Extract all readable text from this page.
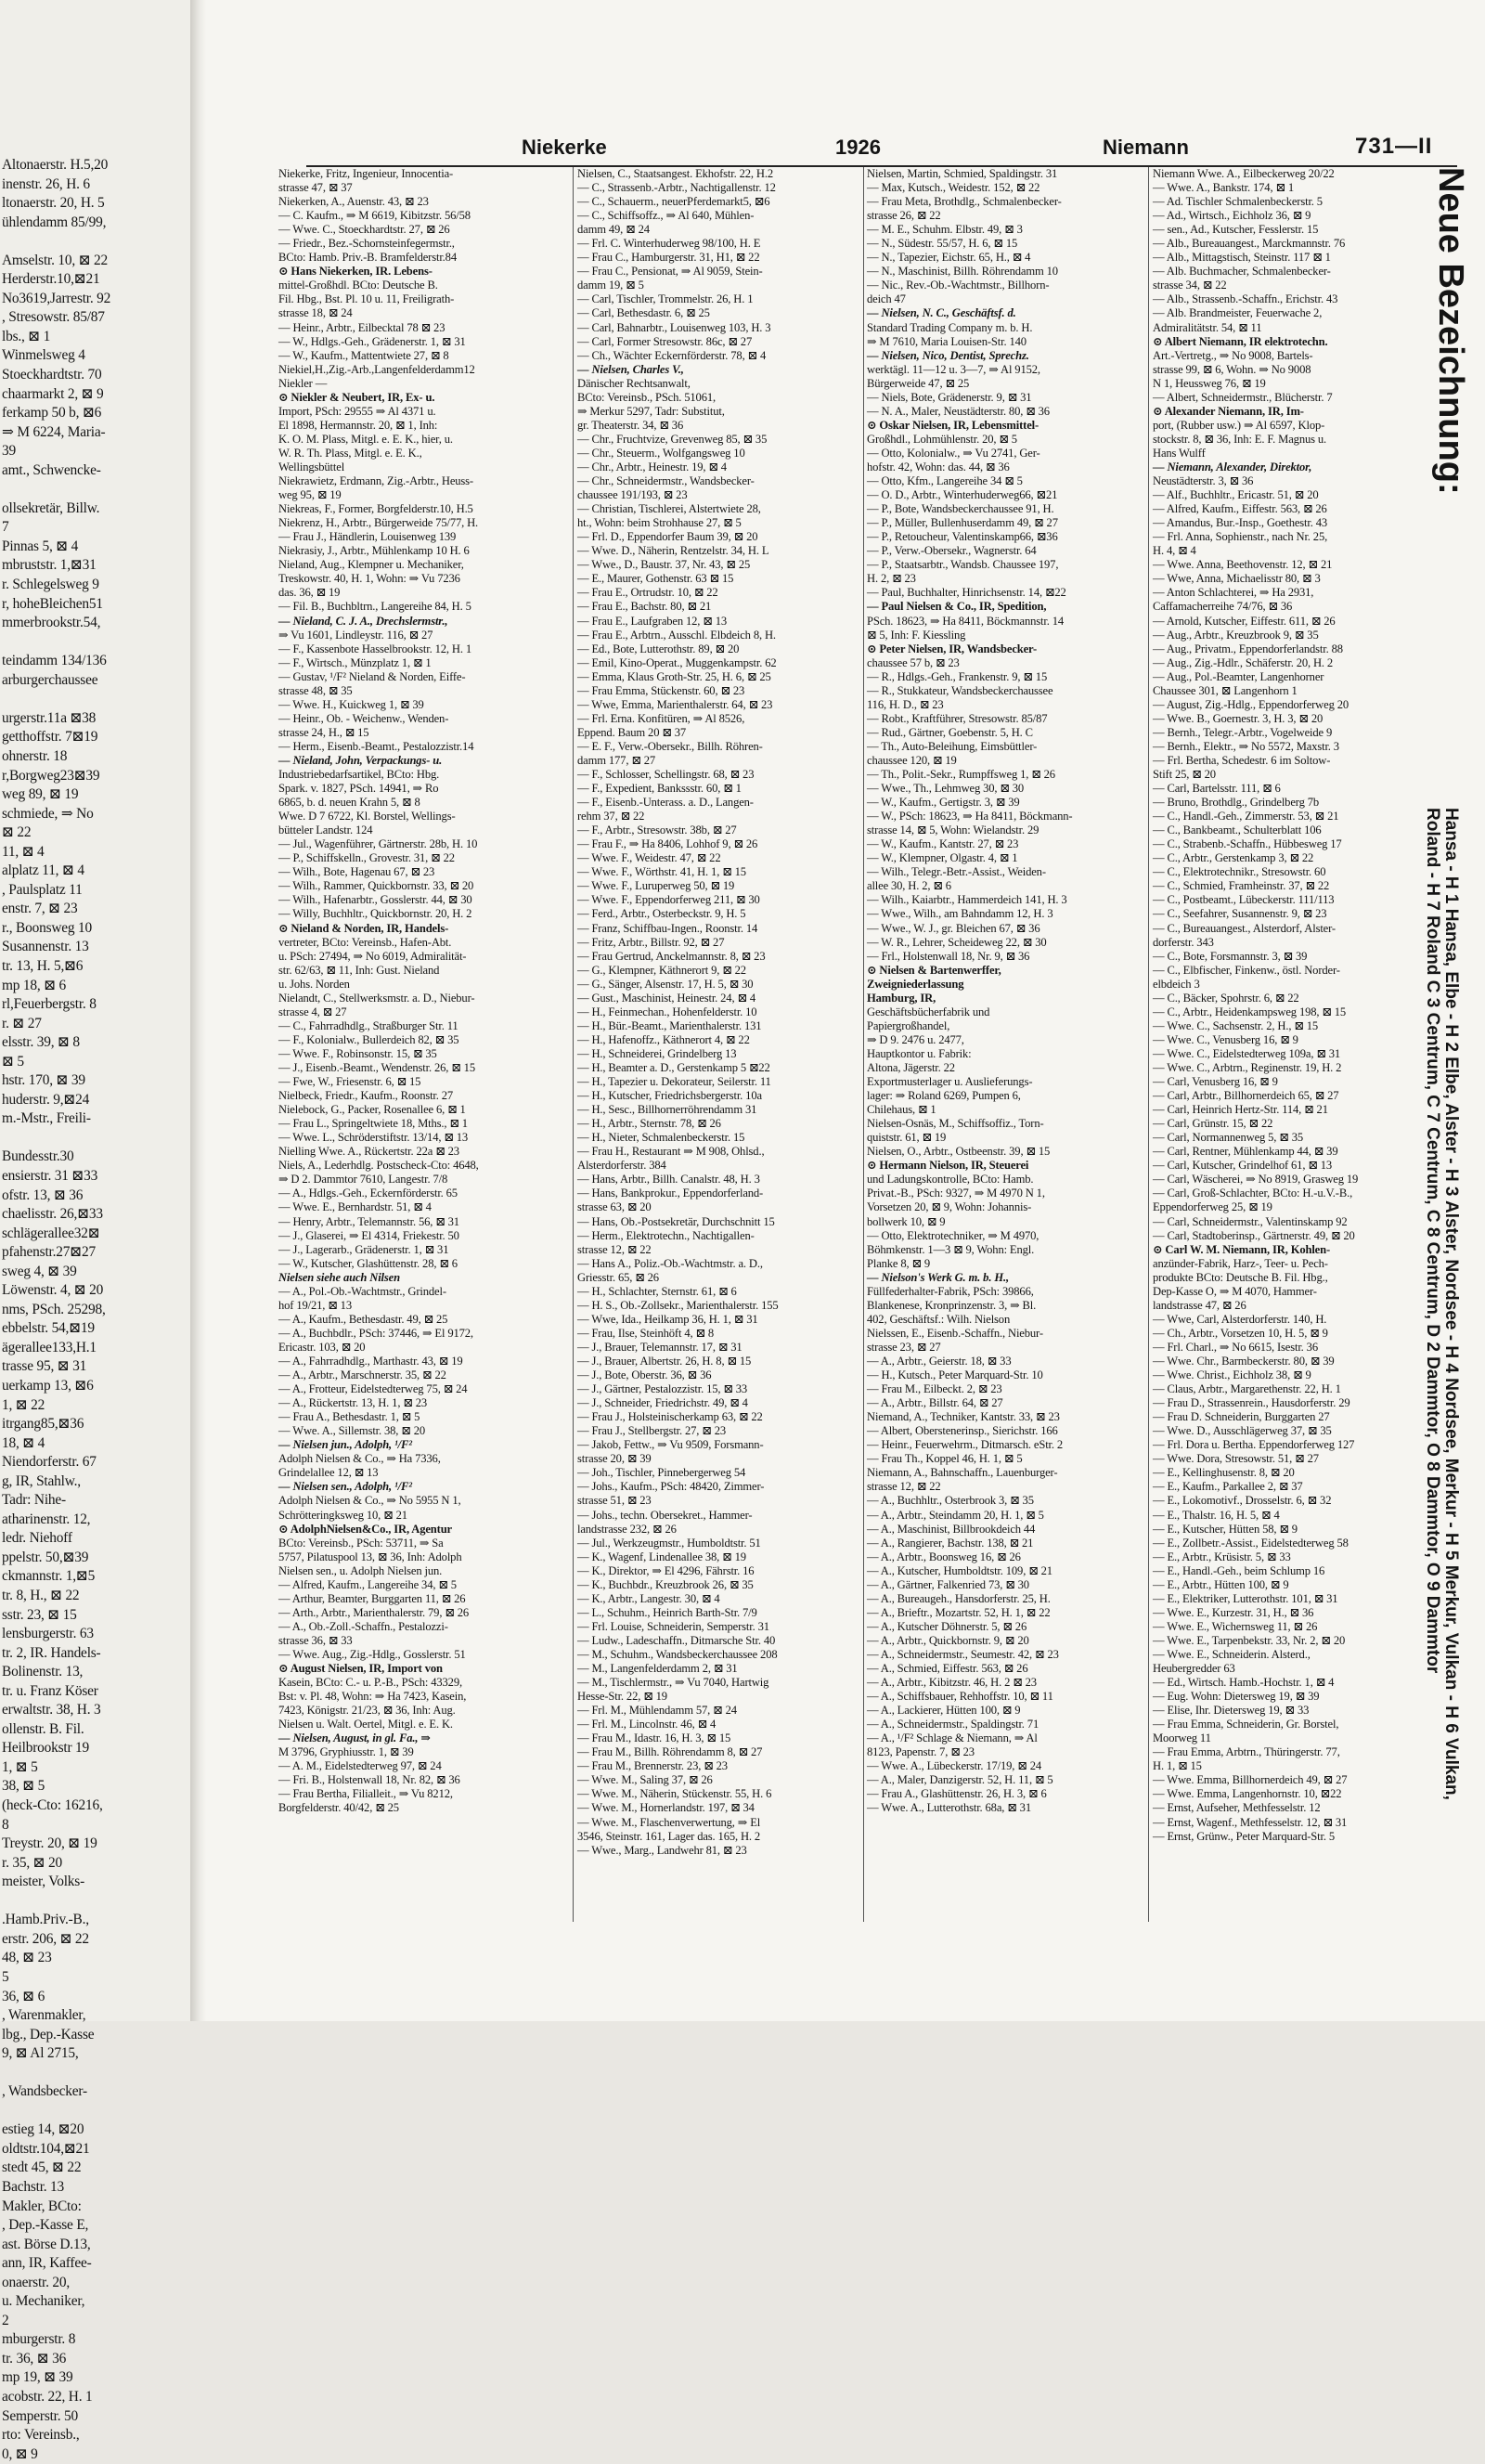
Altonaerstr. H.5,20
inenstr. 26, H. 6
ltonaerstr. 20, H. 5
ühlendamm 85/99,

Amselstr. 10, ⊠ 22
Herderstr.10,⊠21
No3619,Jarrestr. 92
, Stresowstr. 85/87
lbs., ⊠ 1
Winmelsweg 4
Stoeckhardtstr. 70
chaarmarkt 2, ⊠ 9
ferkamp 50 b, ⊠6
⇒ M 6224, Maria-
39
amt., Schwencke-

ollsekretär, Billw.
7
Pinnas 5, ⊠ 4
mbruststr. 1,⊠31
r. Schlegelsweg 9
r, hoheBleichen51
mmerbrookstr.54,

teindamm 134/136
arburgerchaussee

urgerstr.11a ⊠38
getthoffstr. 7⊠19
ohnerstr. 18
r,Borgweg23⊠39
weg 89, ⊠ 19
schmiede, ⇒ No
⊠ 22
11, ⊠ 4
alplatz 11, ⊠ 4
, Paulsplatz 11
enstr. 7, ⊠ 23
r., Boonsweg 10
Susannenstr. 13
tr. 13, H. 5,⊠6
mp 18, ⊠ 6
rl,Feuerbergstr. 8
r. ⊠ 27
elsstr. 39, ⊠ 8
⊠ 5
hstr. 170, ⊠ 39
huderstr. 9,⊠24
m.-Mstr., Freili-

Bundesstr.30
ensierstr. 31 ⊠33
ofstr. 13, ⊠ 36
chaelisstr. 26,⊠33
schlägerallee32⊠
pfahenstr.27⊠27
sweg 4, ⊠ 39
Löwenstr. 4, ⊠ 20
nms, PSch. 25298,
ebbelstr. 54,⊠19
ägerallee133,H.1
trasse 95, ⊠ 31
uerkamp 13, ⊠6
1, ⊠ 22
itrgang85,⊠36
18, ⊠ 4
Niendorferstr. 67
g, IR, Stahlw.,
Tadr: Nihe-
atharinenstr. 12,
ledr. Niehoff
ppelstr. 50,⊠39
ckmannstr. 1,⊠5
tr. 8, H., ⊠ 22
sstr. 23, ⊠ 15
lensburgerstr. 63
tr. 2, IR. Handels-
Bolinenstr. 13,
tr. u. Franz Köser
erwaltstr. 38, H. 3
ollenstr. B. Fil.
Heilbrookstr 19
1, ⊠ 5
38, ⊠ 5
(heck-Cto: 16216,
8
Treystr. 20, ⊠ 19
r. 35, ⊠ 20
meister, Volks-

.Hamb.Priv.-B.,
erstr. 206, ⊠ 22
48, ⊠ 23
5
36, ⊠ 6
, Warenmakler,
lbg., Dep.-Kasse
9, ⊠ Al 2715,

, Wandsbecker-

estieg 14, ⊠20
oldtstr.104,⊠21
stedt 45, ⊠ 22
Bachstr. 13
Makler, BCto:
, Dep.-Kasse E,
ast. Börse D.13,
ann, IR, Kaffee-
onaerstr. 20,
u. Mechaniker,
2
mburgerstr. 8
tr. 36, ⊠ 36
mp 19, ⊠ 39
acobstr. 22, H. 1
Semperstr. 50
rto: Vereinsb.,
0, ⊠ 9
Niekerke	1926	Niemann	731—II
Niekerke, Fritz, Ingenieur, Innocentia-
strasse 47, ⊠ 37
Niekerken, A., Auenstr. 43, ⊠ 23
— C. Kaufm., ⇒ M 6619, Kibitzstr. 56/58
— Wwe. C., Stoeckhardtstr. 27, ⊠ 26
— Friedr., Bez.-Schornsteinfegermstr.,
BCto: Hamb. Priv.-B. Bramfelderstr.84
⊙ Hans Niekerken, IR. Lebens-
mittel-Großhdl. BCto: Deutsche B.
Fil. Hbg., Bst. Pl. 10 u. 11, Freiligrath-
strasse 18, ⊠ 24
— Heinr., Arbtr., Eilbecktal 78 ⊠ 23
— W., Hdlgs.-Geh., Grädenerstr. 1, ⊠ 31
— W., Kaufm., Mattentwiete 27, ⊠ 8
Niekiel,H.,Zig.-Arb.,Langenfelderdamm12
Niekler —
⊙ Niekler & Neubert, IR, Ex- u.
Import, PSch: 29555 ⇒ Al 4371 u.
El 1898, Hermannstr. 20, ⊠ 1, Inh:
K. O. M. Plass, Mitgl. e. E. K., hier, u.
W. R. Th. Plass, Mitgl. e. E. K.,
Wellingsbüttel
Niekrawietz, Erdmann, Zig.-Arbtr., Heuss-
weg 95, ⊠ 19
Niekreas, F., Former, Borgfelderstr.10, H.5
Niekrenz, H., Arbtr., Bürgerweide 75/77, H.
— Frau J., Händlerin, Louisenweg 139
Niekrasiy, J., Arbtr., Mühlenkamp 10 H. 6
Nieland, Aug., Klempner u. Mechaniker,
Treskowstr. 40, H. 1, Wohn: ⇒ Vu 7236
das. 36, ⊠ 19
— Fil. B., Buchbltrn., Langereihe 84, H. 5
— Nieland, C. J. A., Drechslermstr.,
⇒ Vu 1601, Lindleystr. 116, ⊠ 27
— F., Kassenbote Hasselbrookstr. 12, H. 1
— F., Wirtsch., Münzplatz 1, ⊠ 1
— Gustav, ¹/F² Nieland & Norden, Eiffe-
strasse 48, ⊠ 35
— Wwe. H., Kuickweg 1, ⊠ 39
— Heinr., Ob. - Weichenw., Wenden-
strasse 24, H., ⊠ 15
— Herm., Eisenb.-Beamt., Pestalozzistr.14
— Nieland, John, Verpackungs- u.
Industriebedarfsartikel, BCto: Hbg.
Spark. v. 1827, PSch. 14941, ⇒ Ro
6865, b. d. neuen Krahn 5, ⊠ 8
Wwe. D 7 6722, Kl. Borstel, Wellings-
bütteler Landstr. 124
— Jul., Wagenführer, Gärtnerstr. 28b, H. 10
— P., Schiffskelln., Grovestr. 31, ⊠ 22
— Wilh., Bote, Hagenau 67, ⊠ 23
— Wilh., Rammer, Quickbornstr. 33, ⊠ 20
— Wilh., Hafenarbtr., Gosslerstr. 44, ⊠ 30
— Willy, Buchhltr., Quickbornstr. 20, H. 2
⊙ Nieland & Norden, IR, Handels-
vertreter, BCto: Vereinsb., Hafen-Abt.
u. PSch: 27494, ⇒ No 6019, Admiralität-
str. 62/63, ⊠ 11, Inh: Gust. Nieland
u. Johs. Norden
Nielandt, C., Stellwerksmstr. a. D., Niebur-
strasse 4, ⊠ 27
— C., Fahrradhdlg., Straßburger Str. 11
— F., Kolonialw., Bullerdeich 82, ⊠ 35
— Wwe. F., Robinsonstr. 15, ⊠ 35
— J., Eisenb.-Beamt., Wendenstr. 26, ⊠ 15
— Fwe, W., Friesenstr. 6, ⊠ 15
Nielbeck, Friedr., Kaufm., Roonstr. 27
Nielebock, G., Packer, Rosenallee 6, ⊠ 1
— Frau L., Springeltwiete 18, Mths., ⊠ 1
— Wwe. L., Schröderstiftstr. 13/14, ⊠ 13
Nielling Wwe. A., Rückertstr. 22a ⊠ 23
Niels, A., Lederhdlg. Postscheck-Cto: 4648,
⇒ D 2. Dammtor 7610, Langestr. 7/8
— A., Hdlgs.-Geh., Eckernförderstr. 65
— Wwe. E., Bernhardstr. 51, ⊠ 4
— Henry, Arbtr., Telemannstr. 56, ⊠ 31
— J., Glaserei, ⇒ El 4314, Friekestr. 50
— J., Lagerarb., Grädenerstr. 1, ⊠ 31
— W., Kutscher, Glashüttenstr. 28, ⊠ 6
Nielsen siehe auch Nilsen
— A., Pol.-Ob.-Wachtmstr., Grindel-
hof 19/21, ⊠ 13
— A., Kaufm., Bethesdastr. 49, ⊠ 25
— A., Buchbdlr., PSch: 37446, ⇒ El 9172,
Ericastr. 103, ⊠ 20
— A., Fahrradhdlg., Marthastr. 43, ⊠ 19
— A., Arbtr., Marschnerstr. 35, ⊠ 22
— A., Frotteur, Eidelstedterweg 75, ⊠ 24
— A., Rückertstr. 13, H. 1, ⊠ 23
— Frau A., Bethesdastr. 1, ⊠ 5
— Wwe. A., Sillemstr. 38, ⊠ 20
— Nielsen jun., Adolph, ¹/F²
Adolph Nielsen & Co., ⇒ Ha 7336,
Grindelallee 12, ⊠ 13
— Nielsen sen., Adolph, ¹/F²
Adolph Nielsen & Co., ⇒ No 5955 N 1,
Schrötteringksweg 10, ⊠ 21
⊙ AdolphNielsen&Co., IR, Agentur
BCto: Vereinsb., PSch: 53711, ⇒ Sa
5757, Pilatuspool 13, ⊠ 36, Inh: Adolph
Nielsen sen., u. Adolph Nielsen jun.
— Alfred, Kaufm., Langereihe 34, ⊠ 5
— Arthur, Beamter, Burggarten 11, ⊠ 26
— Arth., Arbtr., Marienthalerstr. 79, ⊠ 26
— A., Ob.-Zoll.-Schaffn., Pestalozzi-
strasse 36, ⊠ 33
— Wwe. Aug., Zig.-Hdlg., Gosslerstr. 51
⊙ August Nielsen, IR, Import von
Kasein, BCto: C.- u. P.-B., PSch: 43329,
Bst: v. Pl. 48, Wohn: ⇒ Ha 7423, Kasein,
7423, Königstr. 21/23, ⊠ 36, Inh: Aug.
Nielsen u. Walt. Oertel, Mitgl. e. E. K.
— Nielsen, August, in gl. Fa., ⇒
M 3796, Gryphiusstr. 1, ⊠ 39
— A. M., Eidelstedterweg 97, ⊠ 24
— Fri. B., Holstenwall 18, Nr. 82, ⊠ 36
— Frau Bertha, Filialleit., ⇒ Vu 8212,
Borgfelderstr. 40/42, ⊠ 25
Nielsen, C., Staatsangest. Ekhofstr. 22, H.2
— C., Strassenb.-Arbtr., Nachtigallenstr. 12
— C., Schauerm., neuerPferdemarkt5, ⊠6
— C., Schiffsoffz., ⇒ Al 640, Mühlen-
damm 49, ⊠ 24
— Frl. C. Winterhuderweg 98/100, H. E
— Frau C., Hamburgerstr. 31, H1, ⊠ 22
— Frau C., Pensionat, ⇒ Al 9059, Stein-
damm 19, ⊠ 5
— Carl, Tischler, Trommelstr. 26, H. 1
— Carl, Bethesdastr. 6, ⊠ 25
— Carl, Bahnarbtr., Louisenweg 103, H. 3
— Carl, Former Stresowstr. 86c, ⊠ 27
— Ch., Wächter Eckernförderstr. 78, ⊠ 4
— Nielsen, Charles V.,
Dänischer Rechtsanwalt,
BCto: Vereinsb., PSch. 51061,
⇒ Merkur 5297, Tadr: Substitut,
gr. Theaterstr. 34, ⊠ 36
— Chr., Fruchtvize, Grevenweg 85, ⊠ 35
— Chr., Steuerm., Wolfgangsweg 10
— Chr., Arbtr., Heinestr. 19, ⊠ 4
— Chr., Schneidermstr., Wandsbecker-
chaussee 191/193, ⊠ 23
— Christian, Tischlerei, Alstertwiete 28,
ht., Wohn: beim Strohhause 27, ⊠ 5
— Frl. D., Eppendorfer Baum 39, ⊠ 20
— Wwe. D., Näherin, Rentzelstr. 34, H. L
— Wwe., D., Baustr. 37, Nr. 43, ⊠ 25
— E., Maurer, Gothenstr. 63 ⊠ 15
— Frau E., Ortrudstr. 10, ⊠ 22
— Frau E., Bachstr. 80, ⊠ 21
— Frau E., Laufgraben 12, ⊠ 13
— Frau E., Arbtrn., Ausschl. Elbdeich 8, H.
— Ed., Bote, Lutterothstr. 89, ⊠ 20
— Emil, Kino-Operat., Muggenkampstr. 62
— Emma, Klaus Groth-Str. 25, H. 6, ⊠ 25
— Frau Emma, Stückenstr. 60, ⊠ 23
— Wwe, Emma, Marienthalerstr. 64, ⊠ 23
— Frl. Erna. Konfitüren, ⇒ Al 8526,
Eppend. Baum 20 ⊠ 37
— E. F., Verw.-Obersekr., Billh. Röhren-
damm 177, ⊠ 27
— F., Schlosser, Schellingstr. 68, ⊠ 23
— F., Expedient, Bankssstr. 60, ⊠ 1
— F., Eisenb.-Unterass. a. D., Langen-
rehm 37, ⊠ 22
— F., Arbtr., Stresowstr. 38b, ⊠ 27
— Frau F., ⇒ Ha 8406, Lohhof 9, ⊠ 26
— Wwe. F., Weidestr. 47, ⊠ 22
— Wwe. F., Wörthstr. 41, H. 1, ⊠ 15
— Wwe. F., Luruperweg 50, ⊠ 19
— Wwe. F., Eppendorferweg 211, ⊠ 30
— Ferd., Arbtr., Osterbeckstr. 9, H. 5
— Franz, Schiffbau-Ingen., Roonstr. 14
— Fritz, Arbtr., Billstr. 92, ⊠ 27
— Frau Gertrud, Anckelmannstr. 8, ⊠ 23
— G., Klempner, Käthnerort 9, ⊠ 22
— G., Sänger, Alsenstr. 17, H. 5, ⊠ 30
— Gust., Maschinist, Heinestr. 24, ⊠ 4
— H., Feinmechan., Hohenfelderstr. 10
— H., Bür.-Beamt., Marienthalerstr. 131
— H., Hafenoffz., Käthnerort 4, ⊠ 22
— H., Schneiderei, Grindelberg 13
— H., Beamter a. D., Gerstenkamp 5 ⊠22
— H., Tapezier u. Dekorateur, Seilerstr. 11
— H., Kutscher, Friedrichsbergerstr. 10a
— H., Sesc., Billhornerröhrendamm 31
— H., Arbtr., Sternstr. 78, ⊠ 26
— H., Nieter, Schmalenbeckerstr. 15
— Frau H., Restaurant ⇒ M 908, Ohlsd.,
Alsterdorferstr. 384
— Hans, Arbtr., Billh. Canalstr. 48, H. 3
— Hans, Bankprokur., Eppendorferland-
strasse 63, ⊠ 20
— Hans, Ob.-Postsekretär, Durchschnitt 15
— Herm., Elektrotechn., Nachtigallen-
strasse 12, ⊠ 22
— Hans A., Poliz.-Ob.-Wachtmstr. a. D.,
Griesstr. 65, ⊠ 26
— H., Schlachter, Sternstr. 61, ⊠ 6
— H. S., Ob.-Zollsekr., Marienthalerstr. 155
— Wwe, Ida., Heilkamp 36, H. 1, ⊠ 31
— Frau, Ilse, Steinhöft 4, ⊠ 8
— J., Brauer, Telemannstr. 17, ⊠ 31
— J., Brauer, Albertstr. 26, H. 8, ⊠ 15
— J., Bote, Oberstr. 36, ⊠ 36
— J., Gärtner, Pestalozzistr. 15, ⊠ 33
— J., Schneider, Friedrichstr. 49, ⊠ 4
— Frau J., Holsteinischerkamp 63, ⊠ 22
— Frau J., Stellbergstr. 27, ⊠ 23
— Jakob, Fettw., ⇒ Vu 9509, Forsmann-
strasse 20, ⊠ 39
— Joh., Tischler, Pinnebergerweg 54
— Johs., Kaufm., PSch: 48420, Zimmer-
strasse 51, ⊠ 23
— Johs., techn. Obersekret., Hammer-
landstrasse 232, ⊠ 26
— Jul., Werkzeugmstr., Humboldtstr. 51
— K., Wagenf, Lindenallee 38, ⊠ 19
— K., Direktor, ⇒ El 4296, Fährstr. 16
— K., Buchbdr., Kreuzbrook 26, ⊠ 35
— K., Arbtr., Langestr. 30, ⊠ 4
— L., Schuhm., Heinrich Barth-Str. 7/9
— Frl. Louise, Schneiderin, Semperstr. 31
— Ludw., Ladeschaffn., Ditmarsche Str. 40
— M., Schuhm., Wandsbeckerchaussee 208
— M., Langenfelderdamm 2, ⊠ 31
— M., Tischlermstr., ⇒ Vu 7040, Hartwig
Hesse-Str. 22, ⊠ 19
— Frl. M., Mühlendamm 57, ⊠ 24
— Frl. M., Lincolnstr. 46, ⊠ 4
— Frau M., Idastr. 16, H. 3, ⊠ 15
— Frau M., Billh. Röhrendamm 8, ⊠ 27
— Frau M., Brennerstr. 23, ⊠ 23
— Wwe. M., Saling 37, ⊠ 26
— Wwe. M., Näherin, Stückenstr. 55, H. 6
— Wwe. M., Hornerlandstr. 197, ⊠ 34
— Wwe. M., Flaschenverwertung, ⇒ El
3546, Steinstr. 161, Lager das. 165, H. 2
— Wwe., Marg., Landwehr 81, ⊠ 23
Nielsen, Martin, Schmied, Spaldingstr. 31
— Max, Kutsch., Weidestr. 152, ⊠ 22
— Frau Meta, Brothdlg., Schmalenbecker-
strasse 26, ⊠ 22
— M. E., Schuhm. Elbstr. 49, ⊠ 3
— N., Südestr. 55/57, H. 6, ⊠ 15
— N., Tapezier, Eichstr. 65, H., ⊠ 4
— N., Maschinist, Billh. Röhrendamm 10
— Nic., Rev.-Ob.-Wachtmstr., Billhorn-
deich 47
— Nielsen, N. C., Geschäftsf. d.
Standard Trading Company m. b. H.
⇒ M 7610, Maria Louisen-Str. 140
— Nielsen, Nico, Dentist, Sprechz.
werktägl. 11—12 u. 3—7, ⇒ Al 9152,
Bürgerweide 47, ⊠ 25
— Niels, Bote, Grädenerstr. 9, ⊠ 31
— N. A., Maler, Neustädterstr. 80, ⊠ 36
⊙ Oskar Nielsen, IR, Lebensmittel-
Großhdl., Lohmühlenstr. 20, ⊠ 5
— Otto, Kolonialw., ⇒ Vu 2741, Ger-
hofstr. 42, Wohn: das. 44, ⊠ 36
— Otto, Kfm., Langereihe 34 ⊠ 5
— O. D., Arbtr., Winterhuderweg66, ⊠21
— P., Bote, Wandsbeckerchaussee 91, H.
— P., Müller, Bullenhuserdamm 49, ⊠ 27
— P., Retoucheur, Valentinskamp66, ⊠36
— P., Verw.-Obersekr., Wagnerstr. 64
— P., Staatsarbtr., Wandsb. Chaussee 197,
H. 2, ⊠ 23
— Paul, Buchhalter, Hinrichsenstr. 14, ⊠22
— Paul Nielsen & Co., IR, Spedition,
PSch. 18623, ⇒ Ha 8411, Böckmannstr. 14
⊠ 5, Inh: F. Kiessling
⊙ Peter Nielsen, IR, Wandsbecker-
chaussee 57 b, ⊠ 23
— R., Hdlgs.-Geh., Frankenstr. 9, ⊠ 15
— R., Stukkateur, Wandsbeckerchaussee
116, H. D., ⊠ 23
— Robt., Kraftführer, Stresowstr. 85/87
— Rud., Gärtner, Goebenstr. 5, H. C
— Th., Auto-Beleihung, Eimsbüttler-
chaussee 120, ⊠ 19
— Th., Polit.-Sekr., Rumpffsweg 1, ⊠ 26
— Wwe., Th., Lehmweg 30, ⊠ 30
— W., Kaufm., Gertigstr. 3, ⊠ 39
— W., PSch: 18623, ⇒ Ha 8411, Böckmann-
strasse 14, ⊠ 5, Wohn: Wielandstr. 29
— W., Kaufm., Kantstr. 27, ⊠ 23
— W., Klempner, Olgastr. 4, ⊠ 1
— Wilh., Telegr.-Betr.-Assist., Weiden-
allee 30, H. 2, ⊠ 6
— Wilh., Kaiarbtr., Hammerdeich 141, H. 3
— Wwe., Wilh., am Bahndamm 12, H. 3
— Wwe., W. J., gr. Bleichen 67, ⊠ 36
— W. R., Lehrer, Scheideweg 22, ⊠ 30
— Frl., Holstenwall 18, Nr. 9, ⊠ 36
⊙ Nielsen & Bartenwerffer,
Zweigniederlassung
Hamburg, IR,
Geschäftsbücherfabrik und
Papiergroßhandel,
⇒ D 9. 2476 u. 2477,
Hauptkontor u. Fabrik:
Altona, Jägerstr. 22
Exportmusterlager u. Auslieferungs-
lager: ⇒ Roland 6269, Pumpen 6,
Chilehaus, ⊠ 1
Nielsen-Osnäs, M., Schiffsoffiz., Torn-
quiststr. 61, ⊠ 19
Nielsen, O., Arbtr., Ostbeenstr. 39, ⊠ 15
⊙ Hermann Nielson, IR, Steuerei
und Ladungskontrolle, BCto: Hamb.
Privat.-B., PSch: 9327, ⇒ M 4970 N 1,
Vorsetzen 20, ⊠ 9, Wohn: Johannis-
bollwerk 10, ⊠ 9
— Otto, Elektrotechniker, ⇒ M 4970,
Böhmkenstr. 1—3 ⊠ 9, Wohn: Engl.
Planke 8, ⊠ 9
— Nielson's Werk G. m. b. H.,
Füllfederhalter-Fabrik, PSch: 39866,
Blankenese, Kronprinzenstr. 3, ⇒ Bl.
402, Geschäftsf.: Wilh. Nielson
Nielssen, E., Eisenb.-Schaffn., Niebur-
strasse 23, ⊠ 27
— A., Arbtr., Geierstr. 18, ⊠ 33
— H., Kutsch., Peter Marquard-Str. 10
— Frau M., Eilbeckt. 2, ⊠ 23
— A., Arbtr., Billstr. 64, ⊠ 27
Niemand, A., Techniker, Kantstr. 33, ⊠ 23
— Albert, Oberstenerinsp., Sierichstr. 166
— Heinr., Feuerwehrm., Ditmarsch. eStr. 2
— Frau Th., Koppel 46, H. 1, ⊠ 5
Niemann, A., Bahnschaffn., Lauenburger-
strasse 12, ⊠ 22
— A., Buchhltr., Osterbrook 3, ⊠ 35
— A., Arbtr., Steindamm 20, H. 1, ⊠ 5
— A., Maschinist, Billbrookdeich 44
— A., Rangierer, Bachstr. 138, ⊠ 21
— A., Arbtr., Boonsweg 16, ⊠ 26
— A., Kutscher, Humboldtstr. 109, ⊠ 21
— A., Gärtner, Falkenried 73, ⊠ 30
— A., Bureaugeh., Hansdorferstr. 25, H.
— A., Brieftr., Mozartstr. 52, H. 1, ⊠ 22
— A., Kutscher Döhnerstr. 5, ⊠ 26
— A., Arbtr., Quickbornstr. 9, ⊠ 20
— A., Schneidermstr., Seumestr. 42, ⊠ 23
— A., Schmied, Eiffestr. 563, ⊠ 26
— A., Arbtr., Kibitzstr. 46, H. 2 ⊠ 23
— A., Schiffsbauer, Rehhoffstr. 10, ⊠ 11
— A., Lackierer, Hütten 100, ⊠ 9
— A., Schneidermstr., Spaldingstr. 71
— A., ¹/F² Schlage & Niemann, ⇒ Al
8123, Papenstr. 7, ⊠ 23
— Wwe. A., Lübeckerstr. 17/19, ⊠ 24
— A., Maler, Danzigerstr. 52, H. 11, ⊠ 5
— Frau A., Glashüttenstr. 26, H. 3, ⊠ 6
— Wwe. A., Lutterothstr. 68a, ⊠ 31
Niemann Wwe. A., Eilbeckerweg 20/22
— Wwe. A., Bankstr. 174, ⊠ 1
— Ad. Tischler Schmalenbeckerstr. 5
— Ad., Wirtsch., Eichholz 36, ⊠ 9
— sen., Ad., Kutscher, Fesslerstr. 15
— Alb., Bureauangest., Marckmannstr. 76
— Alb., Mittagstisch, Steinstr. 117 ⊠ 1
— Alb. Buchmacher, Schmalenbecker-
strasse 34, ⊠ 22
— Alb., Strassenb.-Schaffn., Erichstr. 43
— Alb. Brandmeister, Feuerwache 2,
Admiralitätstr. 54, ⊠ 11
⊙ Albert Niemann, IR elektrotechn.
Art.-Vertretg., ⇒ No 9008, Bartels-
strasse 99, ⊠ 6, Wohn. ⇒ No 9008
N 1, Heussweg 76, ⊠ 19
— Albert, Schneidermstr., Blücherstr. 7
⊙ Alexander Niemann, IR, Im-
port, (Rubber usw.) ⇒ Al 6597, Klop-
stockstr. 8, ⊠ 36, Inh: E. F. Magnus u.
Hans Wulff
— Niemann, Alexander, Direktor,
Neustädterstr. 3, ⊠ 36
— Alf., Buchhltr., Ericastr. 51, ⊠ 20
— Alfred, Kaufm., Eiffestr. 563, ⊠ 26
— Amandus, Bur.-Insp., Goethestr. 43
— Frl. Anna, Sophienstr., nach Nr. 25,
H. 4, ⊠ 4
— Wwe. Anna, Beethovenstr. 12, ⊠ 21
— Wwe, Anna, Michaelisstr 80, ⊠ 3
— Anton Schlachterei, ⇒ Ha 2931,
Caffamacherreihe 74/76, ⊠ 36
— Arnold, Kutscher, Eiffestr. 611, ⊠ 26
— Aug., Arbtr., Kreuzbrook 9, ⊠ 35
— Aug., Privatm., Eppendorferlandstr. 88
— Aug., Zig.-Hdlr., Schäferstr. 20, H. 2
— Aug., Pol.-Beamter, Langenhorner
Chaussee 301, ⊠ Langenhorn 1
— August, Zig.-Hdlg., Eppendorferweg 20
— Wwe. B., Goernestr. 3, H. 3, ⊠ 20
— Bernh., Telegr.-Arbtr., Vogelweide 9
— Bernh., Elektr., ⇒ No 5572, Maxstr. 3
— Frl. Bertha, Schedestr. 6 im Soltow-
Stift 25, ⊠ 20
— Carl, Bartelsstr. 111, ⊠ 6
— Bruno, Brothdlg., Grindelberg 7b
— C., Handl.-Geh., Zimmerstr. 53, ⊠ 21
— C., Bankbeamt., Schulterblatt 106
— C., Strabenb.-Schaffn., Hübbesweg 17
— C., Arbtr., Gerstenkamp 3, ⊠ 22
— C., Elektrotechnikr., Stresowstr. 60
— C., Schmied, Framheinstr. 37, ⊠ 22
— C., Postbeamt., Lübeckerstr. 111/113
— C., Seefahrer, Susannenstr. 9, ⊠ 23
— C., Bureauangest., Alsterdorf, Alster-
dorferstr. 343
— C., Bote, Forsmannstr. 3, ⊠ 39
— C., Elbfischer, Finkenw., östl. Norder-
elbdeich 3
— C., Bäcker, Spohrstr. 6, ⊠ 22
— C., Arbtr., Heidenkampsweg 198, ⊠ 15
— Wwe. C., Sachsenstr. 2, H., ⊠ 15
— Wwe. C., Venusberg 16, ⊠ 9
— Wwe. C., Eidelstedterweg 109a, ⊠ 31
— Wwe. C., Arbtrn., Reginenstr. 19, H. 2
— Carl, Venusberg 16, ⊠ 9
— Carl, Arbtr., Billhornerdeich 65, ⊠ 27
— Carl, Heinrich Hertz-Str. 114, ⊠ 21
— Carl, Grünstr. 15, ⊠ 22
— Carl, Normannenweg 5, ⊠ 35
— Carl, Rentner, Mühlenkamp 44, ⊠ 39
— Carl, Kutscher, Grindelhof 61, ⊠ 13
— Carl, Wäscherei, ⇒ No 8919, Grasweg 19
— Carl, Groß-Schlachter, BCto: H.-u.V.-B.,
Eppendorferweg 25, ⊠ 19
— Carl, Schneidermstr., Valentinskamp 92
— Carl, Stadtoberinsp., Gärtnerstr. 49, ⊠ 20
⊙ Carl W. M. Niemann, IR, Kohlen-
anzünder-Fabrik, Harz-, Teer- u. Pech-
produkte BCto: Deutsche B. Fil. Hbg.,
Dep-Kasse O, ⇒ M 4070, Hammer-
landstrasse 47, ⊠ 26
— Wwe, Carl, Alsterdorferstr. 140, H.
— Ch., Arbtr., Vorsetzen 10, H. 5, ⊠ 9
— Frl. Charl., ⇒ No 6615, Isestr. 36
— Wwe. Chr., Barmbeckerstr. 80, ⊠ 39
— Wwe. Christ., Eichholz 38, ⊠ 9
— Claus, Arbtr., Margarethenstr. 22, H. 1
— Frau D., Strassenrein., Hausdorferstr. 29
— Frau D. Schneiderin, Burggarten 27
— Wwe. D., Ausschlägerweg 37, ⊠ 35
— Frl. Dora u. Bertha. Eppendorferweg 127
— Wwe. Dora, Stresowstr. 51, ⊠ 27
— E., Kellinghusenstr. 8, ⊠ 20
— E., Kaufm., Parkallee 2, ⊠ 37
— E., Lokomotivf., Drosselstr. 6, ⊠ 32
— E., Thalstr. 16, H. 5, ⊠ 4
— E., Kutscher, Hütten 58, ⊠ 9
— E., Zollbetr.-Assist., Eidelstedterweg 58
— E., Arbtr., Krüsistr. 5, ⊠ 33
— E., Handl.-Geh., beim Schlump 16
— E., Arbtr., Hütten 100, ⊠ 9
— E., Elektriker, Lutterothstr. 101, ⊠ 31
— Wwe. E., Kurzestr. 31, H., ⊠ 36
— Wwe. E., Wichernsweg 11, ⊠ 26
— Wwe. E., Tarpenbekstr. 33, Nr. 2, ⊠ 20
— Wwe. E., Schneiderin. Alsterd.,
Heubergredder 63
— Ed., Wirtsch. Hamb.-Hochstr. 1, ⊠ 4
— Eug. Wohn: Dietersweg 19, ⊠ 39
— Elise, Ihr. Dietersweg 19, ⊠ 33
— Frau Emma, Schneiderin, Gr. Borstel,
Moorweg 11
— Frau Emma, Arbtrn., Thüringerstr. 77,
H. 1, ⊠ 15
— Wwe. Emma, Billhornerdeich 49, ⊠ 27
— Wwe. Emma, Langenhornstr. 10, ⊠22
— Ernst, Aufseher, Methfesselstr. 12
— Ernst, Wagenf., Methfesselstr. 12, ⊠ 31
— Ernst, Grünw., Peter Marquard-Str. 5
Neue Bezeichnung:
Hansa - H 1 Hansa, Elbe - H 2 Elbe, Alster - H 3 Alster, Nordsee - H 4 Nordsee, Merkur - H 5 Merkur, Vulkan - H 6 Vulkan,
Roland - H 7 Roland C 3 Centrum, C 7 Centrum, C 8 Centrum, D 2 Dammtor, O 8 Dammtor, O 9 Dammtor
